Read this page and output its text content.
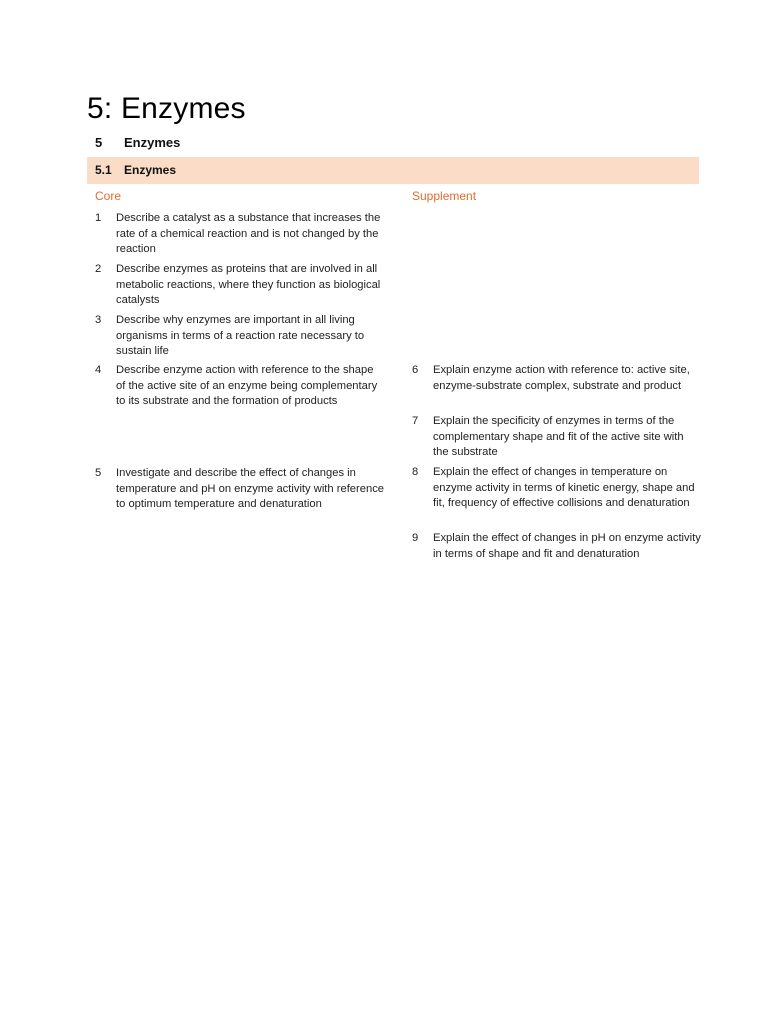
5: Enzymes
5 Enzymes
5.1 Enzymes
Core	Supplement
1	Describe a catalyst as a substance that increases the rate of a chemical reaction and is not changed by the reaction
2	Describe enzymes as proteins that are involved in all metabolic reactions, where they function as biological catalysts
3	Describe why enzymes are important in all living organisms in terms of a reaction rate necessary to sustain life
4	Describe enzyme action with reference to the shape of the active site of an enzyme being complementary to its substrate and the formation of products
5	Investigate and describe the effect of changes in temperature and pH on enzyme activity with reference to optimum temperature and denaturation
6	Explain enzyme action with reference to: active site, enzyme-substrate complex, substrate and product
7	Explain the specificity of enzymes in terms of the complementary shape and fit of the active site with the substrate
8	Explain the effect of changes in temperature on enzyme activity in terms of kinetic energy, shape and fit, frequency of effective collisions and denaturation
9	Explain the effect of changes in pH on enzyme activity in terms of shape and fit and denaturation
